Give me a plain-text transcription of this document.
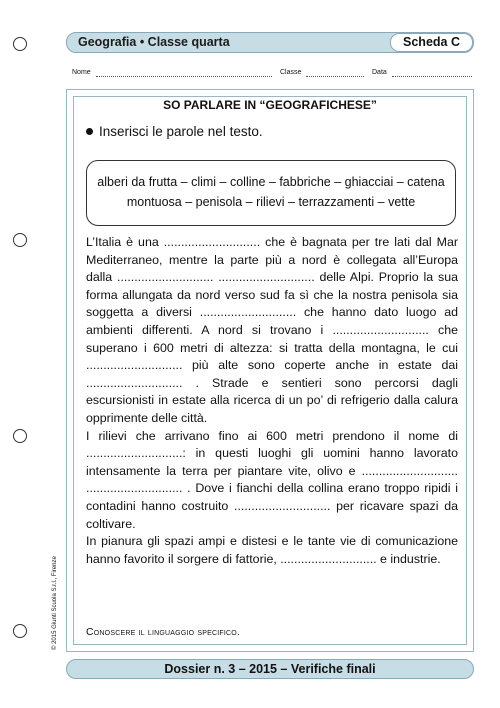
Geografia • Classe quarta	Scheda C
Nome	Classe	Data
SO PARLARE IN “GEOGRAFICHESE”
Inserisci le parole nel testo.
alberi da frutta – climi – colline – fabbriche – ghiacciai – catena
montuosa – penisola – rilievi – terrazzamenti – vette

L’Italia è una ............................ che è bagnata per tre lati dal Mar Mediterraneo, mentre la parte più a nord è collegata all’Europa dalla ............................ ............................ delle Alpi. Proprio la sua forma allungata da nord verso sud fa sì che la nostra penisola sia soggetta a diversi ............................ che hanno dato luogo ad ambienti differenti. A nord si trovano i ............................ che superano i 600 metri di altezza: si tratta della montagna, le cui ............................ più alte sono coperte anche in estate dai ............................ . Strade e sentieri sono percorsi dagli escursionisti in estate alla ricerca di un po’ di refrigerio dalla calura opprimente delle città.

I rilievi che arrivano fino ai 600 metri prendono il nome di ............................: in questi luoghi gli uomini hanno lavorato intensamente la terra per piantare vite, olivo e ............................ ............................ . Dove i fianchi della collina erano troppo ripidi i contadini hanno costruito ............................ per ricavare spazi da coltivare.

In pianura gli spazi ampi e distesi e le tante vie di comunicazione hanno favorito il sorgere di fattorie, ............................ e industrie.

Conoscere il linguaggio specifico.
© 2015 Giunti Scuola S.r.l., Firenze
Dossier n. 3 – 2015 – Verifiche finali
